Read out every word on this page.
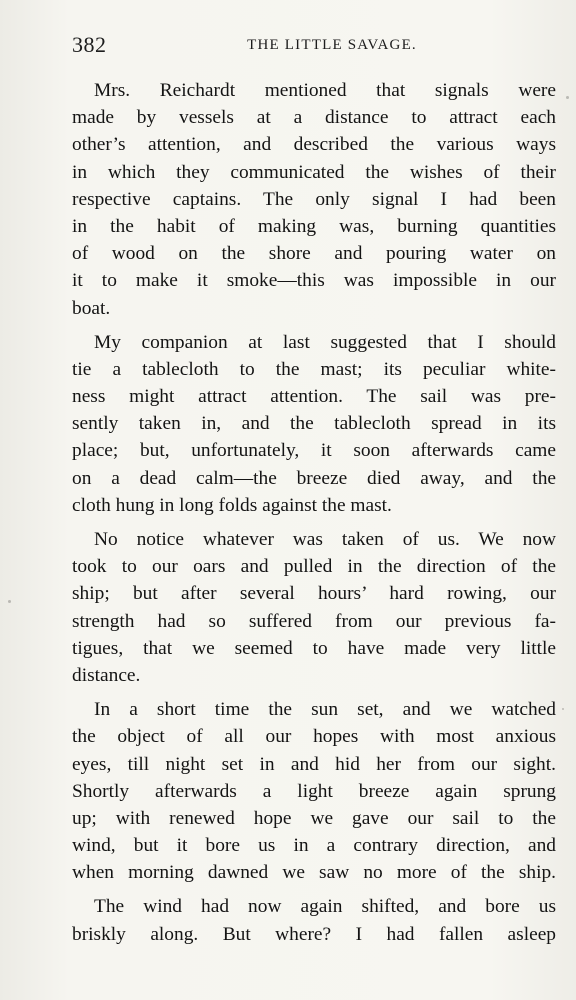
382	THE LITTLE SAVAGE.
Mrs. Reichardt mentioned that signals were
made by vessels at a distance to attract each
other’s attention, and described the various ways
in which they communicated the wishes of their
respective captains. The only signal I had been
in the habit of making was, burning quantities
of wood on the shore and pouring water on
it to make it smoke—this was impossible in our
boat.
My companion at last suggested that I should
tie a tablecloth to the mast; its peculiar white-
ness might attract attention. The sail was pre-
sently taken in, and the tablecloth spread in its
place; but, unfortunately, it soon afterwards came
on a dead calm—the breeze died away, and the
cloth hung in long folds against the mast.
No notice whatever was taken of us. We now
took to our oars and pulled in the direction of the
ship; but after several hours’ hard rowing, our
strength had so suffered from our previous fa-
tigues, that we seemed to have made very little
distance.
In a short time the sun set, and we watched
the object of all our hopes with most anxious
eyes, till night set in and hid her from our sight.
Shortly afterwards a light breeze again sprung
up; with renewed hope we gave our sail to the
wind, but it bore us in a contrary direction, and
when morning dawned we saw no more of the ship.
The wind had now again shifted, and bore us
briskly along. But where? I had fallen asleep
